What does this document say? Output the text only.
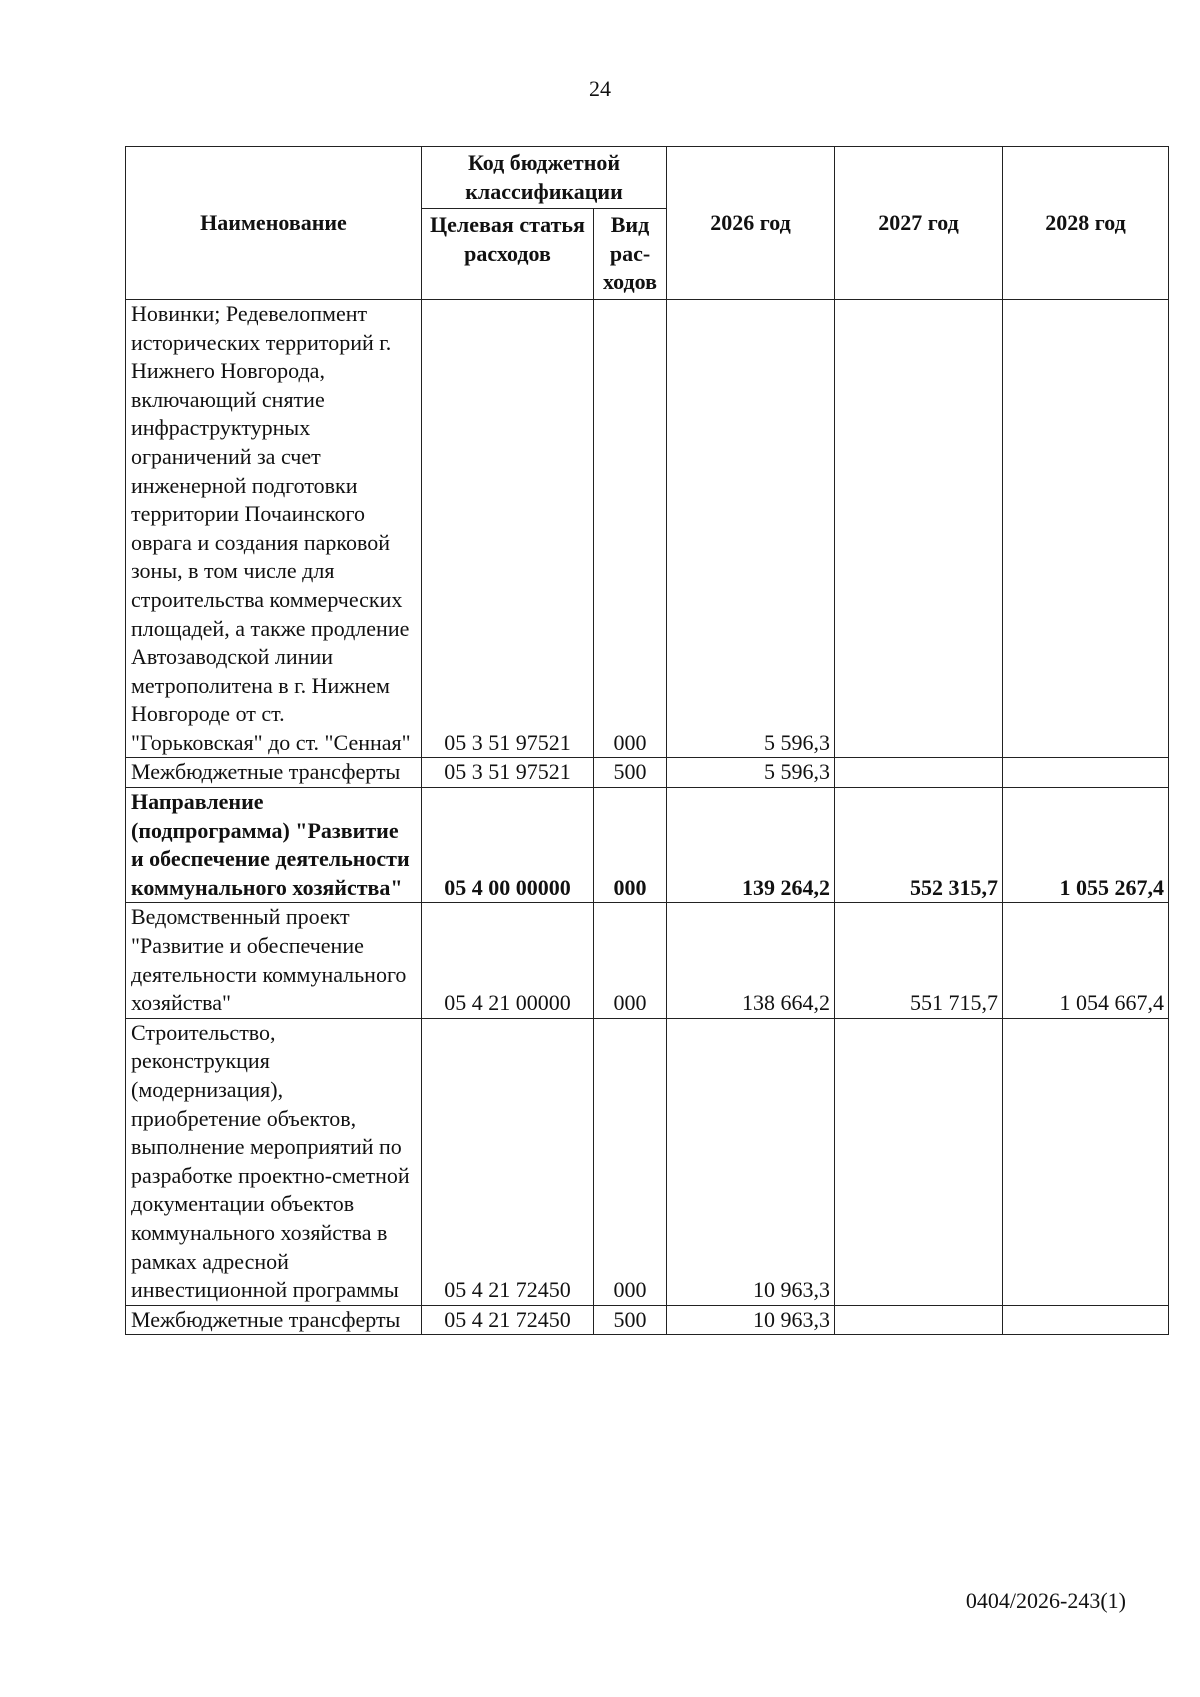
24
Наименование	Код бюджетной классификации		2026 год	2027 год	2028 год
	Целевая статья расходов	Вид рас-ходов			
Новинки; Редевелопмент исторических территорий г. Нижнего Новгорода, включающий снятие инфраструктурных ограничений за счет инженерной подготовки территории Почаинского оврага и создания парковой зоны, в том числе для строительства коммерческих площадей, а также продление Автозаводской линии метрополитена в г. Нижнем Новгороде от ст. "Горьковская" до ст. "Сенная"	05 3 51 97521	000	5 596,3		
Межбюджетные трансферты	05 3 51 97521	500	5 596,3		
Направление (подпрограмма) "Развитие и обеспечение деятельности коммунального хозяйства"	05 4 00 00000	000	139 264,2	552 315,7	1 055 267,4
Ведомственный проект "Развитие и обеспечение деятельности коммунального хозяйства"	05 4 21 00000	000	138 664,2	551 715,7	1 054 667,4
Строительство, реконструкция (модернизация), приобретение объектов, выполнение мероприятий по разработке проектно-сметной документации объектов коммунального хозяйства в рамках адресной инвестиционной программы	05 4 21 72450	000	10 963,3		
Межбюджетные трансферты	05 4 21 72450	500	10 963,3		
0404/2026-243(1)
